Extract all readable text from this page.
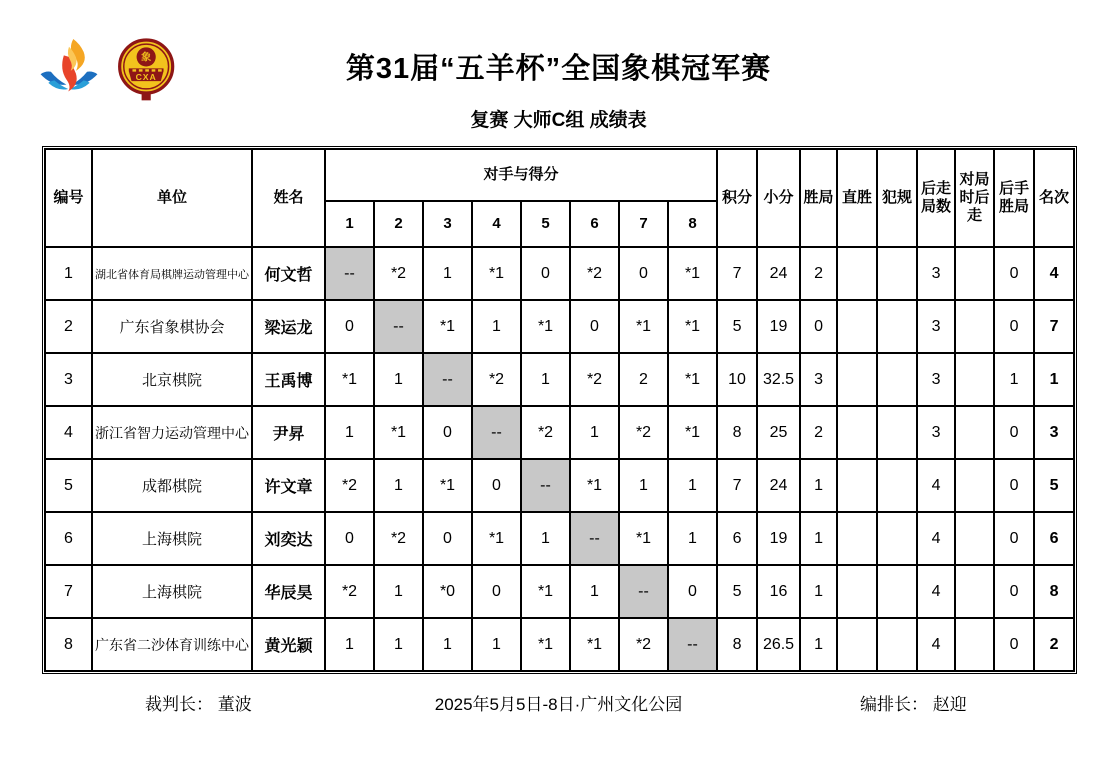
象
CXA	第31届“五羊杯”全国象棋冠军赛
复赛 大师C组 成绩表
编号	单位	姓名	对手与得分								积分	小分	胜局	直胜	犯规	后走局数	对局时后走	后手胜局	名次
			1	2	3	4	5	6	7	8									
1	湖北省体育局棋牌运动管理中心	何文哲	--	*2	1	*1	0	*2	0	*1	7	24	2			3		0	4
2	广东省象棋协会	梁运龙	0	--	*1	1	*1	0	*1	*1	5	19	0			3		0	7
3	北京棋院	王禹博	*1	1	--	*2	1	*2	2	*1	10	32.5	3			3		1	1
4	浙江省智力运动管理中心	尹昇	1	*1	0	--	*2	1	*2	*1	8	25	2			3		0	3
5	成都棋院	许文章	*2	1	*1	0	--	*1	1	1	7	24	1			4		0	5
6	上海棋院	刘奕达	0	*2	0	*1	1	--	*1	1	6	19	1			4		0	6
7	上海棋院	华辰昊	*2	1	*0	0	*1	1	--	0	5	16	1			4		0	8
8	广东省二沙体育训练中心	黄光颖	1	1	1	1	*1	*1	*2	--	8	26.5	1			4		0	2
裁判长： 董波	2025年5月5日-8日·广州文化公园	编排长： 赵迎
